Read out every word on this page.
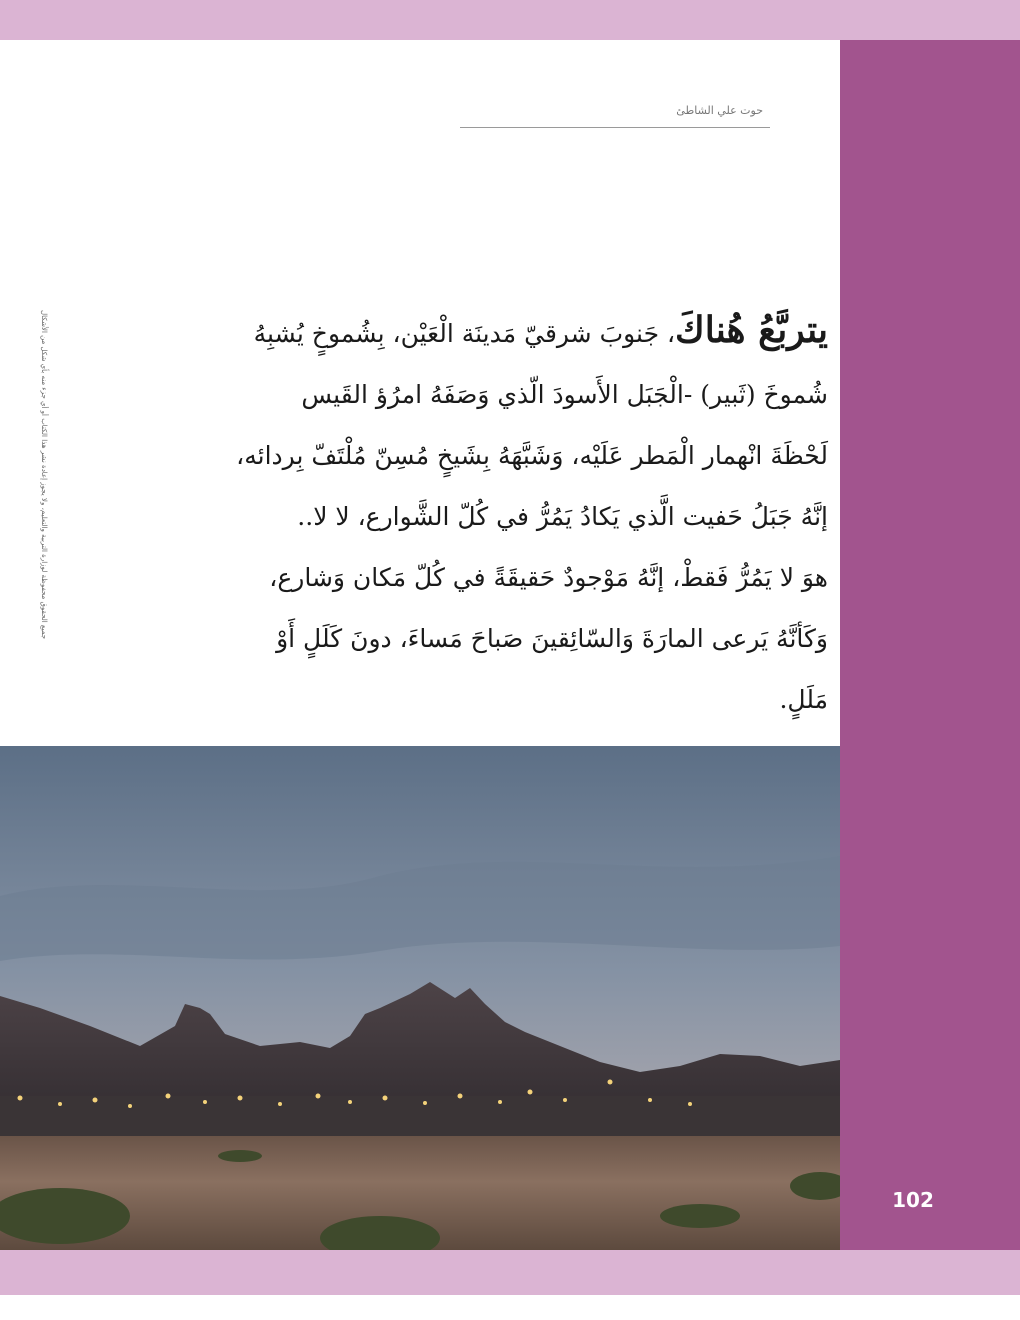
حوت علي الشاطئ
جميع الحقوق محفوظة لوزارة التربية والتعليم، ولا يجوز إعادة نشر هذا الكتاب أو أي جزء منه بأي شكل من الأشكال	يتربَّعُ هُناكَ، جَنوبَ شرقيّ مَدينَة الْعَيْن، بِشُموخٍ يُشبِهُ
شُموخَ (ثَبير) -الْجَبَل الأَسودَ الّذي وَصَفَهُ امرُؤ القَيس
لَحْظَةَ انْهمار الْمَطر عَلَيْه، وَشَبَّهَهُ بِشَيخٍ مُسِنّ مُلْتَفّ بِردائه،
إنَّهُ جَبَلُ حَفيت الَّذي يَكادُ يَمُرُّ في كُلّ الشَّوارع، لا لا..
هوَ لا يَمُرُّ فَقطْ، إنَّهُ مَوْجودٌ حَقيقَةً في كُلّ مَكان وَشارع،
وَكَأنَّهُ يَرعى المارَةَ وَالسّائِقينَ صَباحَ مَساءَ، دونَ كَلَلٍ أَوْ
مَلَلٍ.
102
